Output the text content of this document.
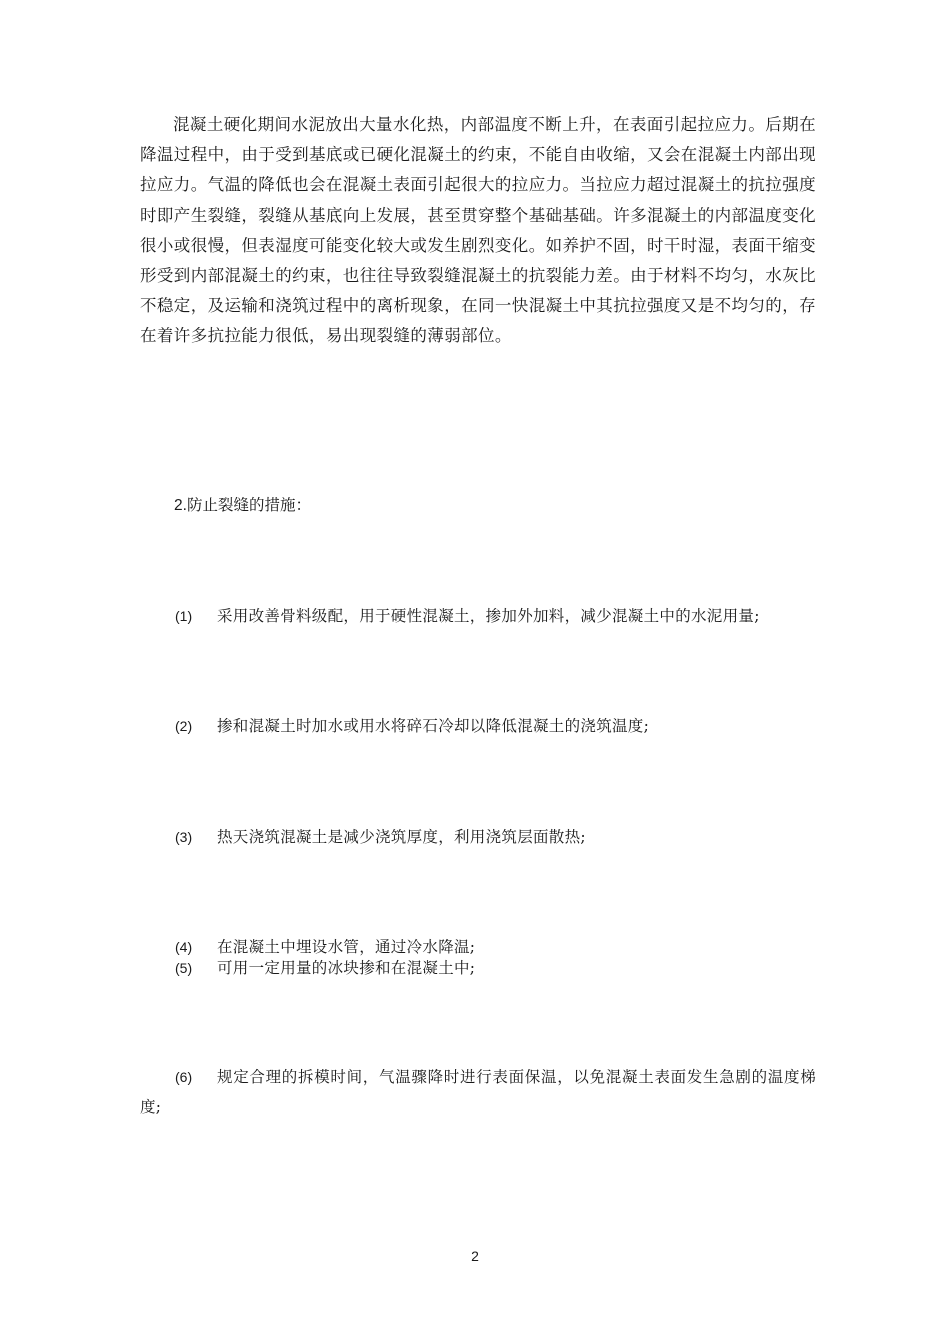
混凝土硬化期间水泥放出大量水化热，内部温度不断上升，在表面引起拉应力。后期在降温过程中，由于受到基底或已硬化混凝土的约束，不能自由收缩，又会在混凝土内部出现拉应力。气温的降低也会在混凝土表面引起很大的拉应力。当拉应力超过混凝土的抗拉强度时即产生裂缝，裂缝从基底向上发展，甚至贯穿整个基础基础。许多混凝土的内部温度变化很小或很慢，但表湿度可能变化较大或发生剧烈变化。如养护不固，时干时湿，表面干缩变形受到内部混凝土的约束，也往往导致裂缝混凝土的抗裂能力差。由于材料不均匀，水灰比不稳定，及运输和浇筑过程中的离析现象，在同一快混凝土中其抗拉强度又是不均匀的，存在着许多抗拉能力很低，易出现裂缝的薄弱部位。

2.防止裂缝的措施：

(1)	采用改善骨料级配，用于硬性混凝土，掺加外加料，减少混凝土中的水泥用量;

(2)	掺和混凝土时加水或用水将碎石冷却以降低混凝土的浇筑温度;

(3)	热天浇筑混凝土是减少浇筑厚度，利用浇筑层面散热;

(4)	在混凝土中埋设水管，通过冷水降温;

(5)	可用一定用量的冰块掺和在混凝土中;

(6)	规定合理的拆模时间，气温骤降时进行表面保温，以免混凝土表面发生急剧的温度梯度;

2
